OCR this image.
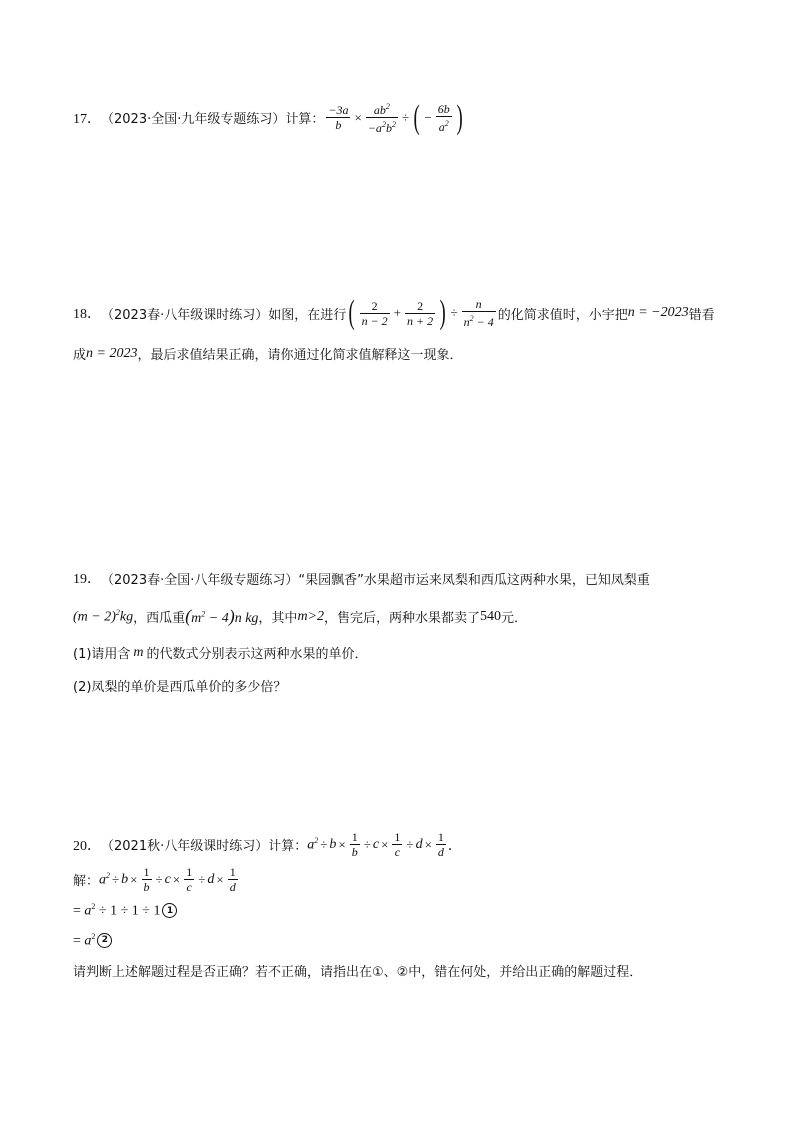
17． （2023·全国·九年级专题练习） 计算： $\frac{-3a}{b} \times \frac{ab^2}{-a^2b^2}$ ÷ ( − $\frac{6b}{a^2}$ )
18． （2023春·八年级课时练习） 如图，在进行 ( $\frac{2}{n - 2} + \frac{2}{n + 2}$ ) ÷ $\frac{n}{n^2 - 4}$ 的化简求值时，小宇把 n = −2023 错看
成 n = 2023 ，最后求值结果正确，请你通过化简求值解释这一现象．
19． （2023春·全国·八年级专题练习） “果园飘香”水果超市运来凤梨和西瓜这两种水果，已知凤梨重
$(m - 2)^2kg$ ，西瓜重 $(m^2 - 4)n$ kg ，其中 m>2 ，售完后，两种水果都卖了 540 元．
(1)请用含 m 的代数式分别表示这两种水果的单价．
(2)凤梨的单价是西瓜单价的多少倍？
20． （2021秋·八年级课时练习） 计算： $a^2 \div b \times \frac{1}{b} \div c \times \frac{1}{c} \div d \times \frac{1}{d}$ ．
解： $a^2 \div b \times \frac{1}{b} \div c \times \frac{1}{c} \div d \times \frac{1}{d}$
= $a^2 \div 1 \div 1 \div 1$ 1
= $a^2$ 2
请判断上述解题过程是否正确？若不正确，请指出在①、②中，错在何处，并给出正确的解题过程．
